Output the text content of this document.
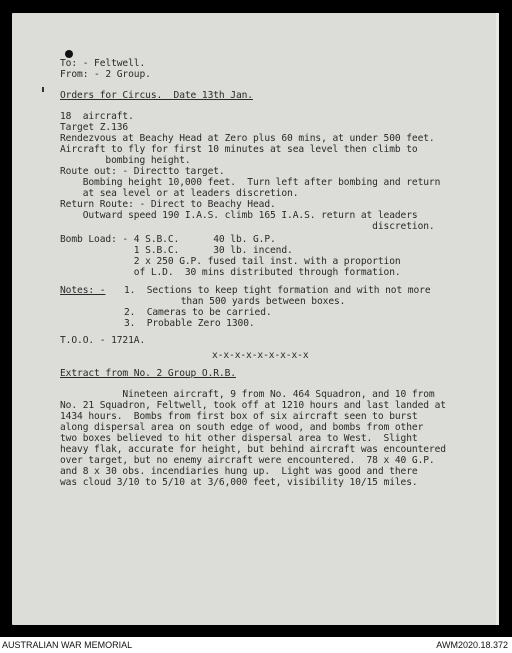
To: - Feltwell.
From: - 2 Group.
Orders for Circus.  Date 13th Jan.
18  aircraft.
Target Z.136
Rendezvous at Beachy Head at Zero plus 60 mins, at under 500 feet.
Aircraft to fly for first 10 minutes at sea level then climb to
bombing height.
Route out: - Directto target.
Bombing height 10,000 feet.  Turn left after bombing and return
at sea level or at leaders discretion.
Return Route: - Direct to Beachy Head.
Outward speed 190 I.A.S. climb 165 I.A.S. return at leaders
discretion.
Bomb Load: - 4 S.B.C.      40 lb. G.P.
1 S.B.C.      30 lb. incend.
2 x 250 G.P. fused tail inst. with a proportion
of L.D.  30 mins distributed through formation.
Notes: - 1.  Sections to keep tight formation and with not more
than 500 yards between boxes.
2.  Cameras to be carried.
3.  Probable Zero 1300.
T.O.O. - 1721A.
x-x-x-x-x-x-x-x-x
Extract from No. 2 Group O.R.B.
Nineteen aircraft, 9 from No. 464 Squadron, and 10 from
No. 21 Squadron, Feltwell, took off at 1210 hours and last landed at
1434 hours.  Bombs from first box of six aircraft seen to burst
along dispersal area on south edge of wood, and bombs from other
two boxes believed to hit other dispersal area to West.  Slight
heavy flak, accurate for height, but behind aircraft was encountered
over target, but no enemy aircraft were encountered.  78 x 40 G.P.
and 8 x 30 obs. incendiaries hung up.  Light was good and there
was cloud 3/10 to 5/10 at 3/6,000 feet, visibility 10/15 miles.
AUSTRALIAN WAR MEMORIAL	AWM2020.18.372
